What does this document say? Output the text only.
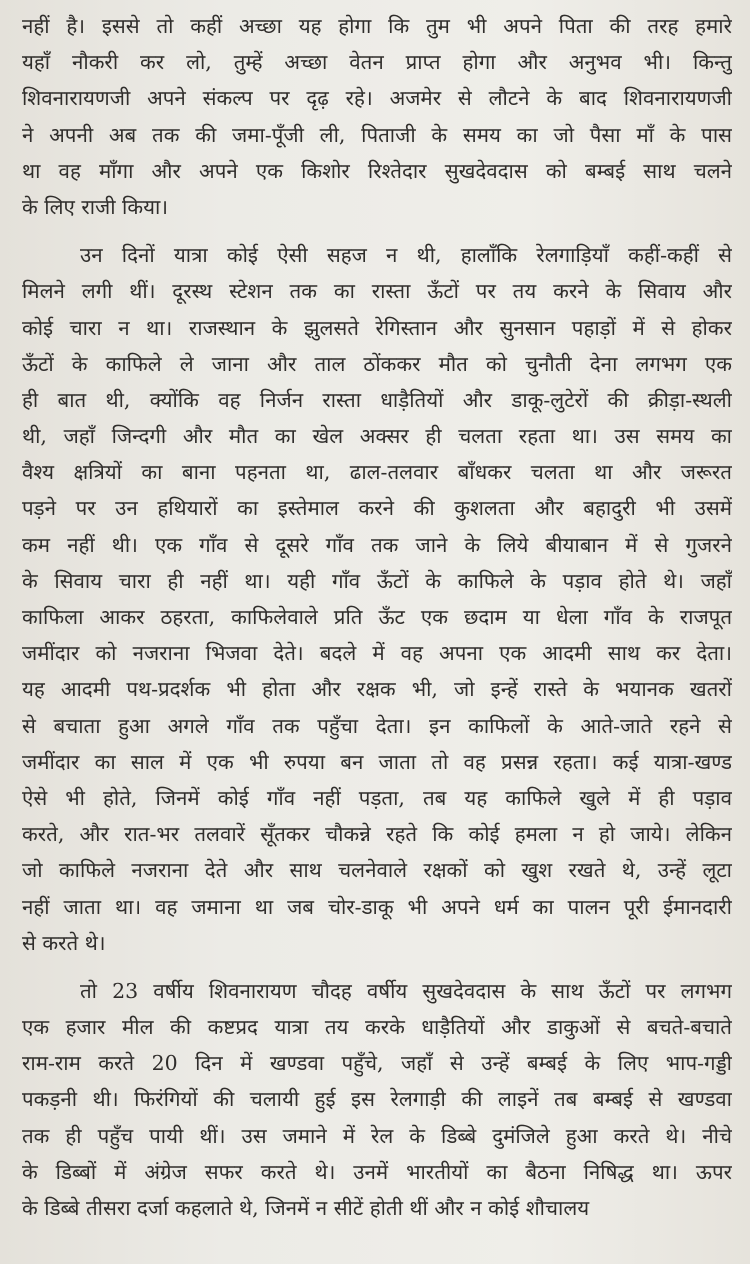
नहीं है। इससे तो कहीं अच्छा यह होगा कि तुम भी अपने पिता की तरह हमारे
यहाँ नौकरी कर लो, तुम्हें अच्छा वेतन प्राप्त होगा और अनुभव भी। किन्तु
शिवनारायणजी अपने संकल्प पर दृढ़ रहे। अजमेर से लौटने के बाद शिवनारायणजी
ने अपनी अब तक की जमा-पूँजी ली, पिताजी के समय का जो पैसा माँ के पास
था वह माँगा और अपने एक किशोर रिश्तेदार सुखदेवदास को बम्बई साथ चलने
के लिए राजी किया।
उन दिनों यात्रा कोई ऐसी सहज न थी, हालाँकि रेलगाड़ियाँ कहीं-कहीं से
मिलने लगी थीं। दूरस्थ स्टेशन तक का रास्ता ऊँटों पर तय करने के सिवाय और
कोई चारा न था। राजस्थान के झुलसते रेगिस्तान और सुनसान पहाड़ों में से होकर
ऊँटों के काफिले ले जाना और ताल ठोंककर मौत को चुनौती देना लगभग एक
ही बात थी, क्योंकि वह निर्जन रास्ता धाड़ैतियों और डाकू-लुटेरों की क्रीड़ा-स्थली
थी, जहाँ जिन्दगी और मौत का खेल अक्सर ही चलता रहता था। उस समय का
वैश्य क्षत्रियों का बाना पहनता था, ढाल-तलवार बाँधकर चलता था और जरूरत
पड़ने पर उन हथियारों का इस्तेमाल करने की कुशलता और बहादुरी भी उसमें
कम नहीं थी। एक गाँव से दूसरे गाँव तक जाने के लिये बीयाबान में से गुजरने
के सिवाय चारा ही नहीं था। यही गाँव ऊँटों के काफिले के पड़ाव होते थे। जहाँ
काफिला आकर ठहरता, काफिलेवाले प्रति ऊँट एक छदाम या धेला गाँव के राजपूत
जमींदार को नजराना भिजवा देते। बदले में वह अपना एक आदमी साथ कर देता।
यह आदमी पथ-प्रदर्शक भी होता और रक्षक भी, जो इन्हें रास्ते के भयानक खतरों
से बचाता हुआ अगले गाँव तक पहुँचा देता। इन काफिलों के आते-जाते रहने से
जमींदार का साल में एक भी रुपया बन जाता तो वह प्रसन्न रहता। कई यात्रा-खण्ड
ऐसे भी होते, जिनमें कोई गाँव नहीं पड़ता, तब यह काफिले खुले में ही पड़ाव
करते, और रात-भर तलवारें सूँतकर चौकन्ने रहते कि कोई हमला न हो जाये। लेकिन
जो काफिले नजराना देते और साथ चलनेवाले रक्षकों को खुश रखते थे, उन्हें लूटा
नहीं जाता था। वह जमाना था जब चोर-डाकू भी अपने धर्म का पालन पूरी ईमानदारी
से करते थे।
तो 23 वर्षीय शिवनारायण चौदह वर्षीय सुखदेवदास के साथ ऊँटों पर लगभग
एक हजार मील की कष्टप्रद यात्रा तय करके धाड़ैतियों और डाकुओं से बचते-बचाते
राम-राम करते 20 दिन में खण्डवा पहुँचे, जहाँ से उन्हें बम्बई के लिए भाप-गड्डी
पकड़नी थी। फिरंगियों की चलायी हुई इस रेलगाड़ी की लाइनें तब बम्बई से खण्डवा
तक ही पहुँच पायी थीं। उस जमाने में रेल के डिब्बे दुमंजिले हुआ करते थे। नीचे
के डिब्बों में अंग्रेज सफर करते थे। उनमें भारतीयों का बैठना निषिद्ध था। ऊपर
के डिब्बे तीसरा दर्जा कहलाते थे, जिनमें न सीटें होती थीं और न कोई शौचालय
